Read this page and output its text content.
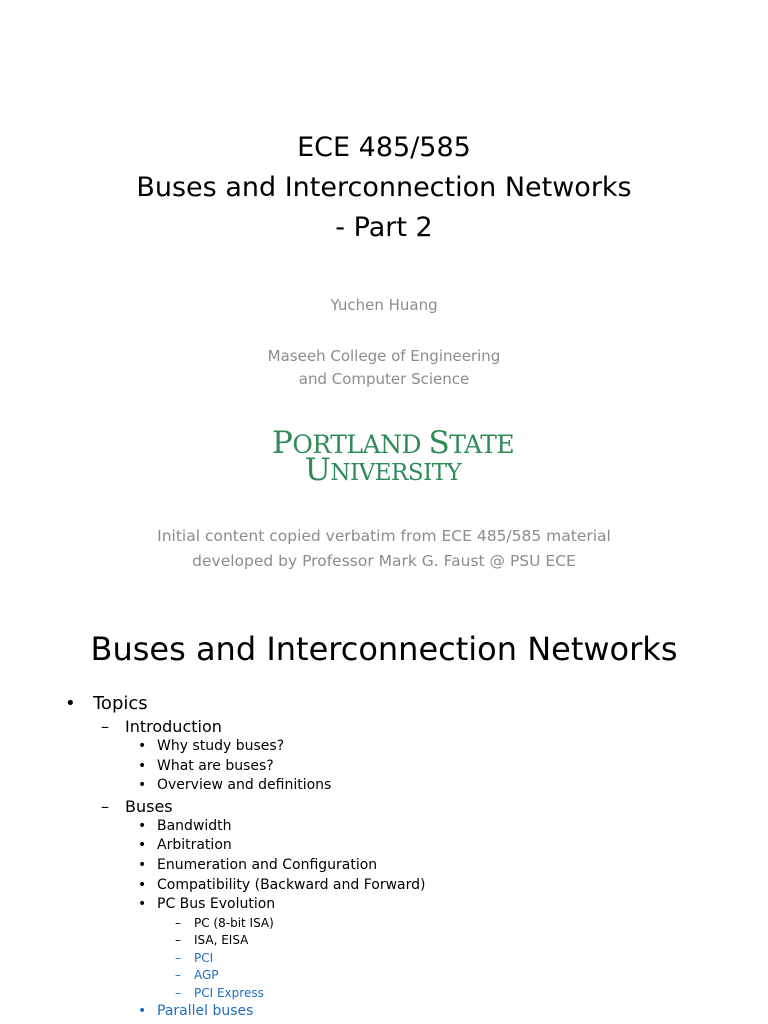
ECE 485/585
Buses and Interconnection Networks
- Part 2
Yuchen Huang
Maseeh College of Engineering
and Computer Science
PORTLAND STATE
UNIVERSITY
Initial content copied verbatim from ECE 485/585 material
developed by Professor Mark G. Faust @ PSU ECE
Buses and Interconnection Networks
• Topics
– Introduction
• Why study buses?
• What are buses?
• Overview and definitions
– Buses
• Bandwidth
• Arbitration
• Enumeration and Configuration
• Compatibility (Backward and Forward)
• PC Bus Evolution
– PC (8-bit ISA)
– ISA, EISA
– PCI
– AGP
– PCI Express
• Parallel buses
